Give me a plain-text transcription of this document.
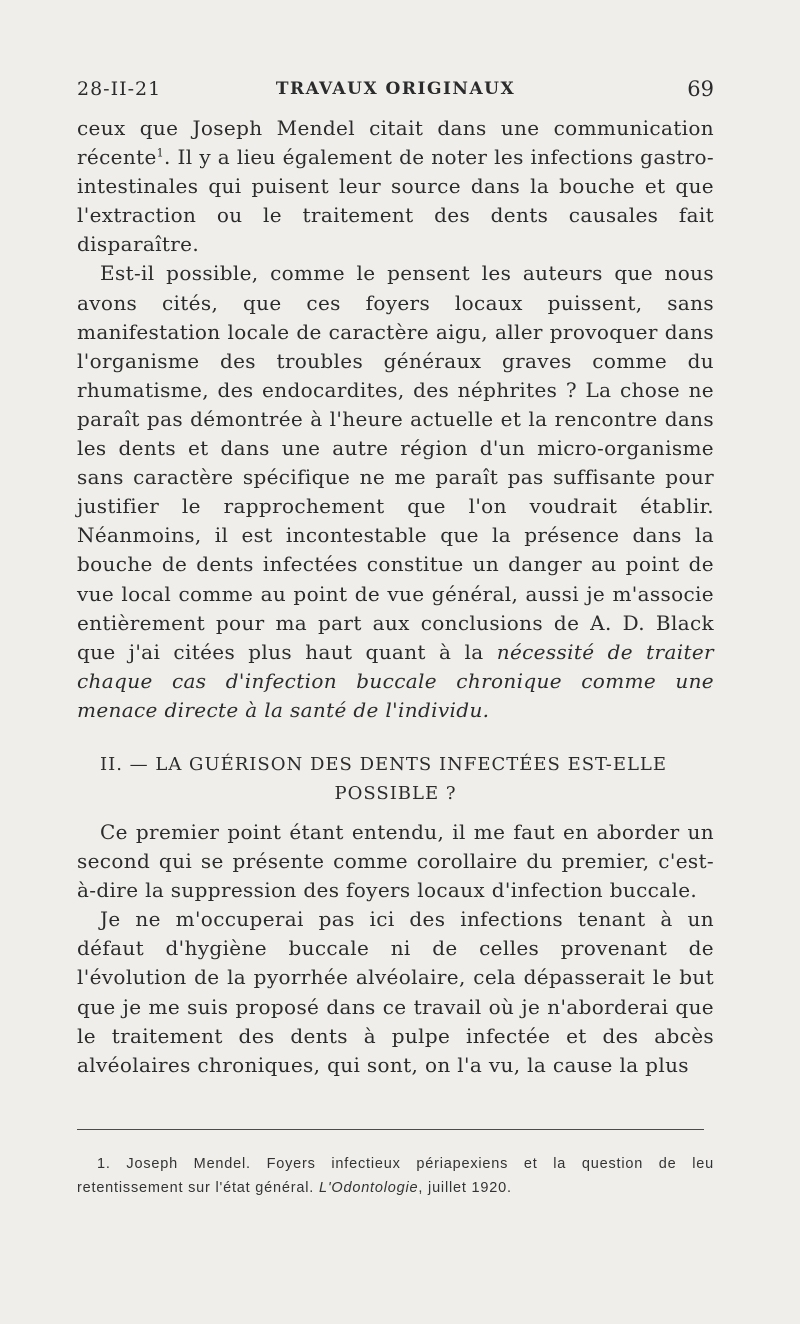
28-II-21	TRAVAUX ORIGINAUX	69

ceux que Joseph Mendel citait dans une communication récente$^1$. Il y a lieu également de noter les infections gastro-intestinales qui puisent leur source dans la bouche et que l'extraction ou le traitement des dents causales fait disparaître.

Est-il possible, comme le pensent les auteurs que nous avons cités, que ces foyers locaux puissent, sans manifestation locale de caractère aigu, aller provoquer dans l'organisme des troubles généraux graves comme du rhumatisme, des endocardites, des néphrites ? La chose ne paraît pas démontrée à l'heure actuelle et la rencontre dans les dents et dans une autre région d'un micro-organisme sans caractère spécifique ne me paraît pas suffisante pour justifier le rapprochement que l'on voudrait établir. Néanmoins, il est incontestable que la présence dans la bouche de dents infectées constitue un danger au point de vue local comme au point de vue général, aussi je m'associe entièrement pour ma part aux conclusions de A. D. Black que j'ai citées plus haut quant à la nécessité de traiter chaque cas d'infection buccale chronique comme une menace directe à la santé de l'individu.

II. — LA GUÉRISON DES DENTS INFECTÉES EST-ELLE
POSSIBLE ?

Ce premier point étant entendu, il me faut en aborder un second qui se présente comme corollaire du premier, c'est-à-dire la suppression des foyers locaux d'infection buccale.

Je ne m'occuperai pas ici des infections tenant à un défaut d'hygiène buccale ni de celles provenant de l'évolution de la pyorrhée alvéolaire, cela dépasserait le but que je me suis proposé dans ce travail où je n'aborderai que le traitement des dents à pulpe infectée et des abcès alvéolaires chroniques, qui sont, on l'a vu, la cause la plus

1. Joseph Mendel. Foyers infectieux périapexiens et la question de leu retentissement sur l'état général. L'Odontologie, juillet 1920.
